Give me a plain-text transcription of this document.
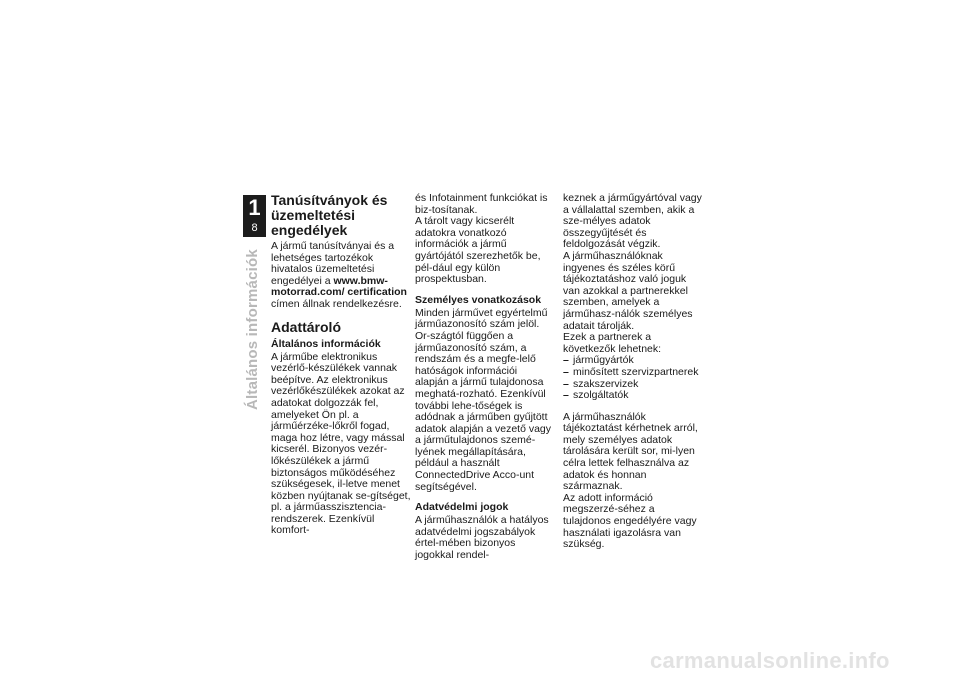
1
8
Általános információk
Tanúsítványok és üzemeltetési engedélyek

A jármű tanúsítványai és a lehetséges tartozékok hivatalos üzemeltetési engedélyei a www.bmw-motorrad.com/ certification címen állnak rendelkezésre.

Adattároló
Általános információk

A járműbe elektronikus vezérlő-készülékek vannak beépítve. Az elektronikus vezérlőkészülékek azokat az adatokat dolgozzák fel, amelyeket Ön pl. a járműérzéke-lőkről fogad, maga hoz létre, vagy mással kicserél. Bizonyos vezér-lőkészülékek a jármű biztonságos működéséhez szükségesek, il-letve menet közben nyújtanak se-gítséget, pl. a járműasszisztencia-rendszerek. Ezenkívül komfort-

és Infotainment funkciókat is biz-tosítanak.

A tárolt vagy kicserélt adatokra vonatkozó információk a jármű gyártójától szerezhetők be, pél-dául egy külön prospektusban.

Személyes vonatkozások

Minden járművet egyértelmű járműazonosító szám jelöl. Or-szágtól függően a járműazonosító szám, a rendszám és a megfe-lelő hatóságok információi alapján a jármű tulajdonosa meghatá-rozható. Ezenkívül további lehe-tőségek is adódnak a járműben gyűjtött adatok alapján a vezető vagy a járműtulajdonos szemé-lyének megállapítására, például a használt ConnectedDrive Acco-unt segítségével.

Adatvédelmi jogok

A járműhasználók a hatályos adatvédelmi jogszabályok értel-mében bizonyos jogokkal rendel-

keznek a járműgyártóval vagy a vállalattal szemben, akik a sze-mélyes adatok összegyűjtését és feldolgozását végzik.

A járműhasználóknak ingyenes és széles körű tájékoztatáshoz való joguk van azokkal a partnerekkel szemben, amelyek a járműhasz-nálók személyes adatait tárolják.

Ezek a partnerek a következők lehetnek:

– járműgyártók
– minősített szervizpartnerek
– szakszervizek
– szolgáltatók

A járműhasználók tájékoztatást kérhetnek arról, mely személyes adatok tárolására került sor, mi-lyen célra lettek felhasználva az adatok és honnan származnak.

Az adott információ megszerzé-séhez a tulajdonos engedélyére vagy használati igazolásra van szükség.

carmanualsonline.info
